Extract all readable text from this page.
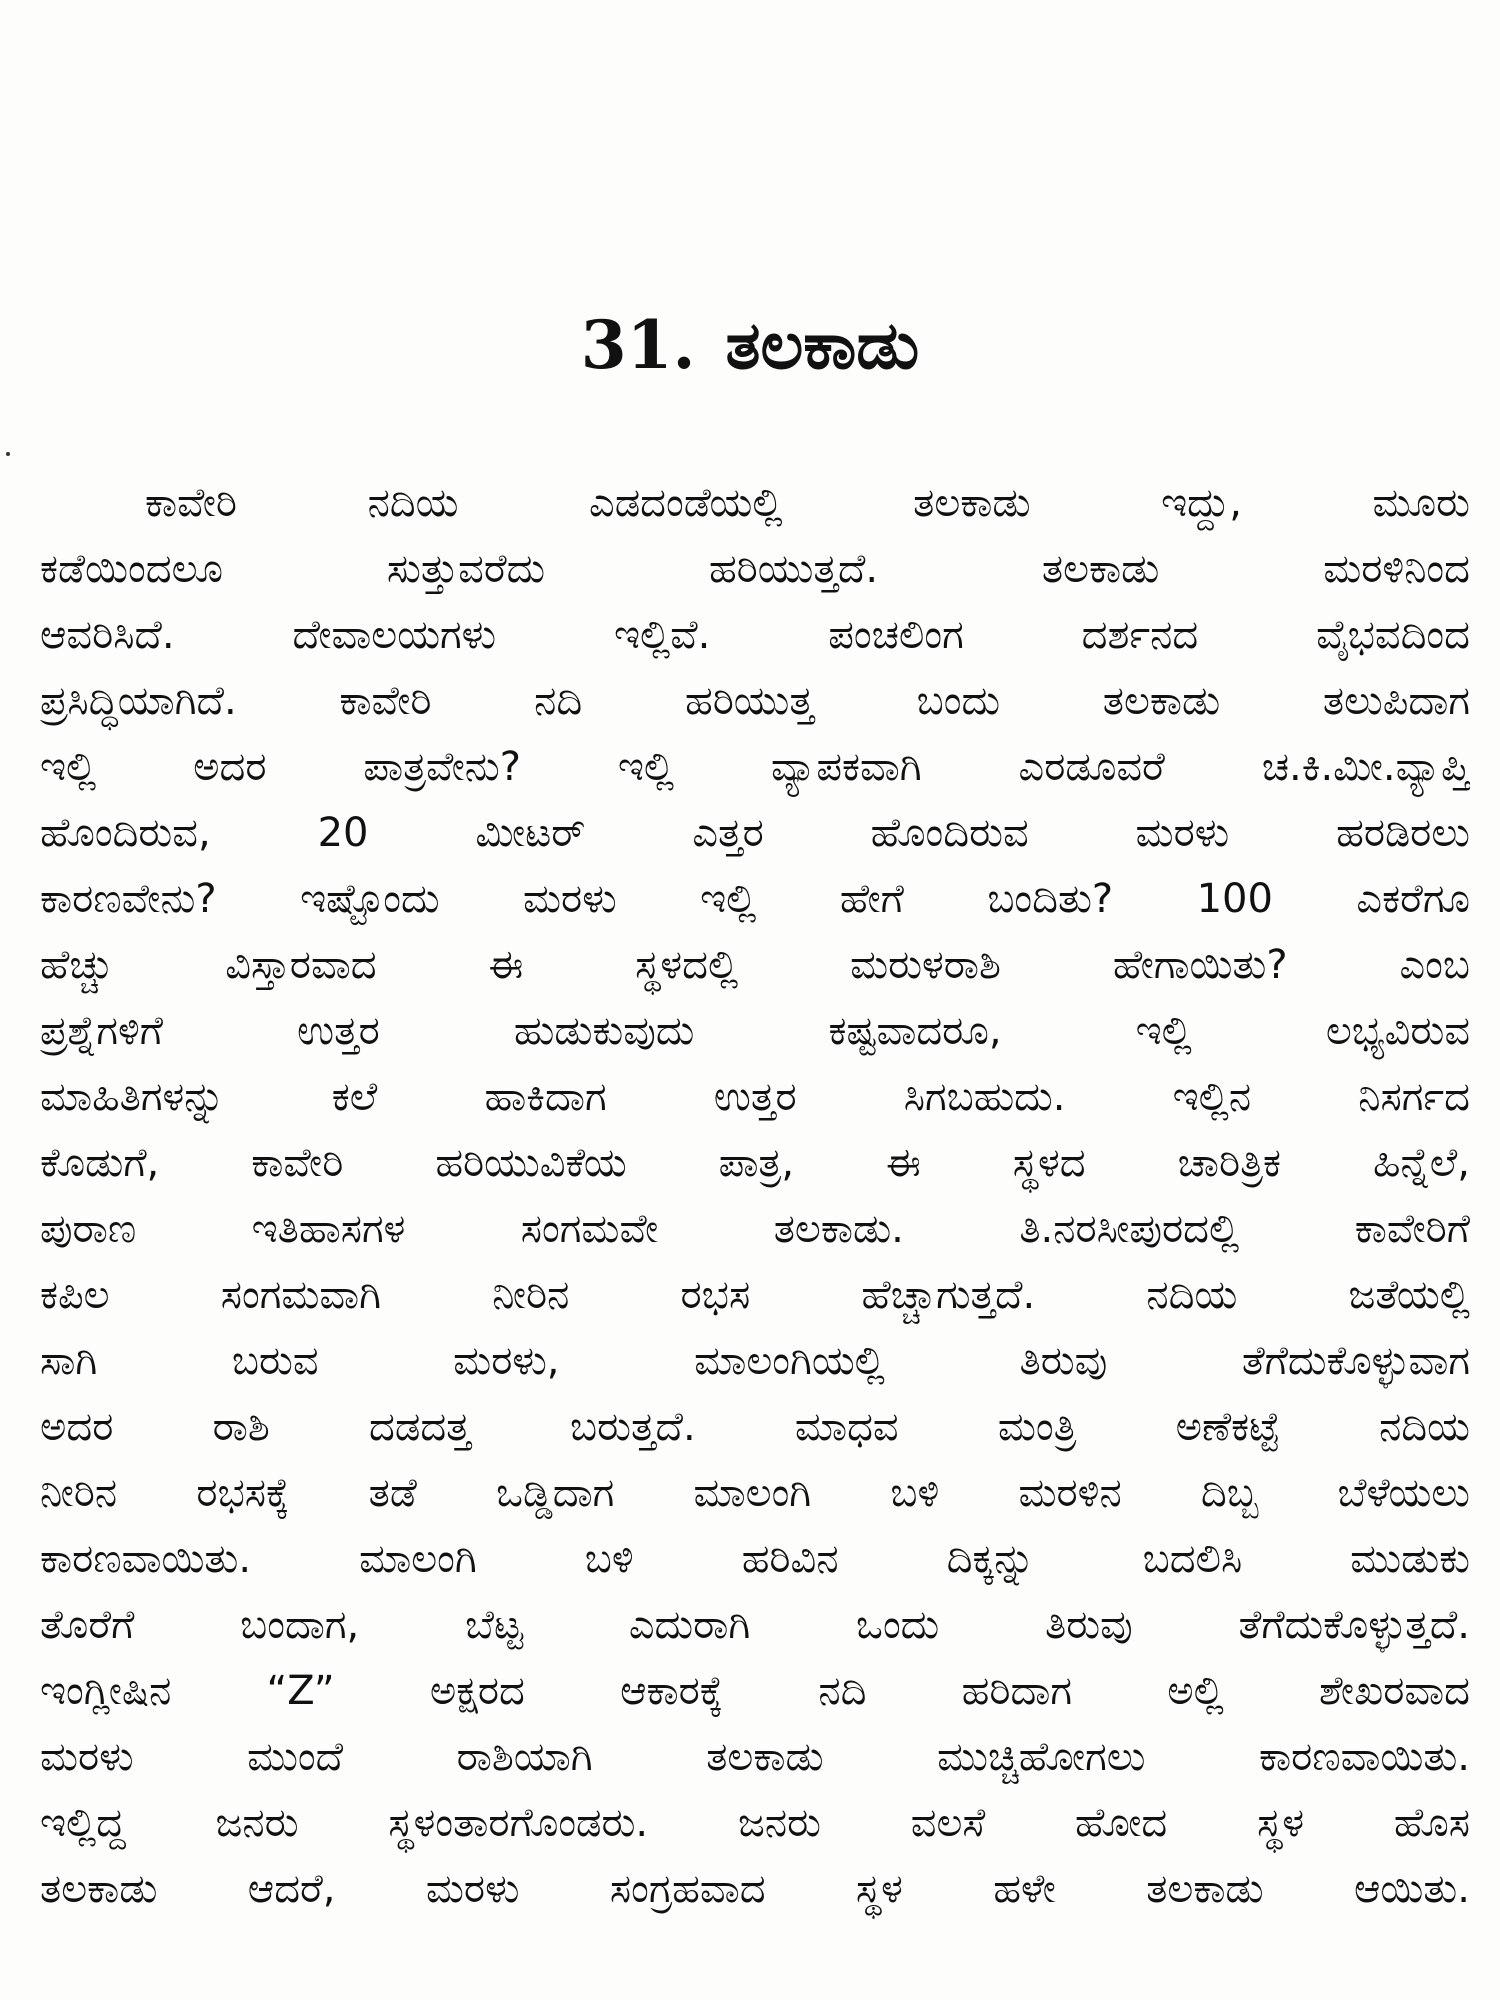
31. ತಲಕಾಡು
ಕಾವೇರಿ ನದಿಯ ಎಡದಂಡೆಯಲ್ಲಿ ತಲಕಾಡು ಇದ್ದು, ಮೂರು
ಕಡೆಯಿಂದಲೂ ಸುತ್ತುವರೆದು ಹರಿಯುತ್ತದೆ. ತಲಕಾಡು ಮರಳಿನಿಂದ
ಆವರಿಸಿದೆ. ದೇವಾಲಯಗಳು ಇಲ್ಲಿವೆ. ಪಂಚಲಿಂಗ ದರ್ಶನದ ವೈಭವದಿಂದ
ಪ್ರಸಿದ್ಧಿಯಾಗಿದೆ. ಕಾವೇರಿ ನದಿ ಹರಿಯುತ್ತ ಬಂದು ತಲಕಾಡು ತಲುಪಿದಾಗ
ಇಲ್ಲಿ ಅದರ ಪಾತ್ರವೇನು? ಇಲ್ಲಿ ವ್ಯಾಪಕವಾಗಿ ಎರಡೂವರೆ ಚ.ಕಿ.ಮೀ.ವ್ಯಾಪ್ತಿ
ಹೊಂದಿರುವ, 20 ಮೀಟರ್ ಎತ್ತರ ಹೊಂದಿರುವ ಮರಳು ಹರಡಿರಲು
ಕಾರಣವೇನು? ಇಷ್ಟೊಂದು ಮರಳು ಇಲ್ಲಿ ಹೇಗೆ ಬಂದಿತು? 100 ಎಕರೆಗೂ
ಹೆಚ್ಚು ವಿಸ್ತಾರವಾದ ಈ ಸ್ಥಳದಲ್ಲಿ ಮರುಳರಾಶಿ ಹೇಗಾಯಿತು? ಎಂಬ
ಪ್ರಶ್ನೆಗಳಿಗೆ ಉತ್ತರ ಹುಡುಕುವುದು ಕಷ್ಟವಾದರೂ, ಇಲ್ಲಿ ಲಭ್ಯವಿರುವ
ಮಾಹಿತಿಗಳನ್ನು ಕಲೆ ಹಾಕಿದಾಗ ಉತ್ತರ ಸಿಗಬಹುದು. ಇಲ್ಲಿನ ನಿಸರ್ಗದ
ಕೊಡುಗೆ, ಕಾವೇರಿ ಹರಿಯುವಿಕೆಯ ಪಾತ್ರ, ಈ ಸ್ಥಳದ ಚಾರಿತ್ರಿಕ ಹಿನ್ನೆಲೆ,
ಪುರಾಣ ಇತಿಹಾಸಗಳ ಸಂಗಮವೇ ತಲಕಾಡು. ತಿ.ನರಸೀಪುರದಲ್ಲಿ ಕಾವೇರಿಗೆ
ಕಪಿಲ ಸಂಗಮವಾಗಿ ನೀರಿನ ರಭಸ ಹೆಚ್ಚಾಗುತ್ತದೆ. ನದಿಯ ಜತೆಯಲ್ಲಿ
ಸಾಗಿ ಬರುವ ಮರಳು, ಮಾಲಂಗಿಯಲ್ಲಿ ತಿರುವು ತೆಗೆದುಕೊಳ್ಳುವಾಗ
ಅದರ ರಾಶಿ ದಡದತ್ತ ಬರುತ್ತದೆ. ಮಾಧವ ಮಂತ್ರಿ ಅಣೆಕಟ್ಟೆ ನದಿಯ
ನೀರಿನ ರಭಸಕ್ಕೆ ತಡೆ ಒಡ್ಡಿದಾಗ ಮಾಲಂಗಿ ಬಳಿ ಮರಳಿನ ದಿಬ್ಬ ಬೆಳೆಯಲು
ಕಾರಣವಾಯಿತು. ಮಾಲಂಗಿ ಬಳಿ ಹರಿವಿನ ದಿಕ್ಕನ್ನು ಬದಲಿಸಿ ಮುಡುಕು
ತೊರೆಗೆ ಬಂದಾಗ, ಬೆಟ್ಟ ಎದುರಾಗಿ ಒಂದು ತಿರುವು ತೆಗೆದುಕೊಳ್ಳುತ್ತದೆ.
ಇಂಗ್ಲೀಷಿನ “Z” ಅಕ್ಷರದ ಆಕಾರಕ್ಕೆ ನದಿ ಹರಿದಾಗ ಅಲ್ಲಿ ಶೇಖರವಾದ
ಮರಳು ಮುಂದೆ ರಾಶಿಯಾಗಿ ತಲಕಾಡು ಮುಚ್ಚಿಹೋಗಲು ಕಾರಣವಾಯಿತು.
ಇಲ್ಲಿದ್ದ ಜನರು ಸ್ಥಳಂತಾರಗೊಂಡರು. ಜನರು ವಲಸೆ ಹೋದ ಸ್ಥಳ ಹೊಸ
ತಲಕಾಡು ಆದರೆ, ಮರಳು ಸಂಗ್ರಹವಾದ ಸ್ಥಳ ಹಳೇ ತಲಕಾಡು ಆಯಿತು.
